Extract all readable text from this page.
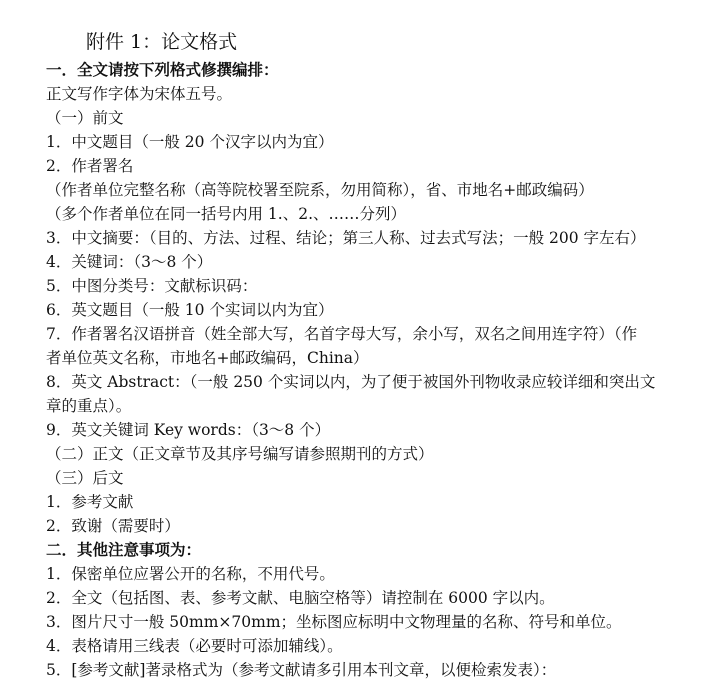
附件 1：论文格式
一．全文请按下列格式修撰编排：
正文写作字体为宋体五号。
（一）前文
1．中文题目（一般 20 个汉字以内为宜）
2．作者署名
（作者单位完整名称（高等院校署至院系，勿用简称），省、市地名+邮政编码）
（多个作者单位在同一括号内用 1.、2.、……分列）
3．中文摘要：（目的、方法、过程、结论；第三人称、过去式写法；一般 200 字左右）
4．关键词：（3～8 个）
5．中图分类号：文献标识码：
6．英文题目（一般 10 个实词以内为宜）
7．作者署名汉语拼音（姓全部大写，名首字母大写，余小写，双名之间用连字符）（作
者单位英文名称，市地名+邮政编码，China）
8．英文 Abstract：（一般 250 个实词以内，为了便于被国外刊物收录应较详细和突出文
章的重点）。
9．英文关键词 Key words：（3～8 个）
（二）正文（正文章节及其序号编写请参照期刊的方式）
（三）后文
1．参考文献
2．致谢（需要时）
二．其他注意事项为：
1．保密单位应署公开的名称，不用代号。
2．全文（包括图、表、参考文献、电脑空格等）请控制在 6000 字以内。
3．图片尺寸一般 50mm×70mm；坐标图应标明中文物理量的名称、符号和单位。
4．表格请用三线表（必要时可添加辅线）。
5．[参考文献]著录格式为（参考文献请多引用本刊文章，以便检索发表）：
